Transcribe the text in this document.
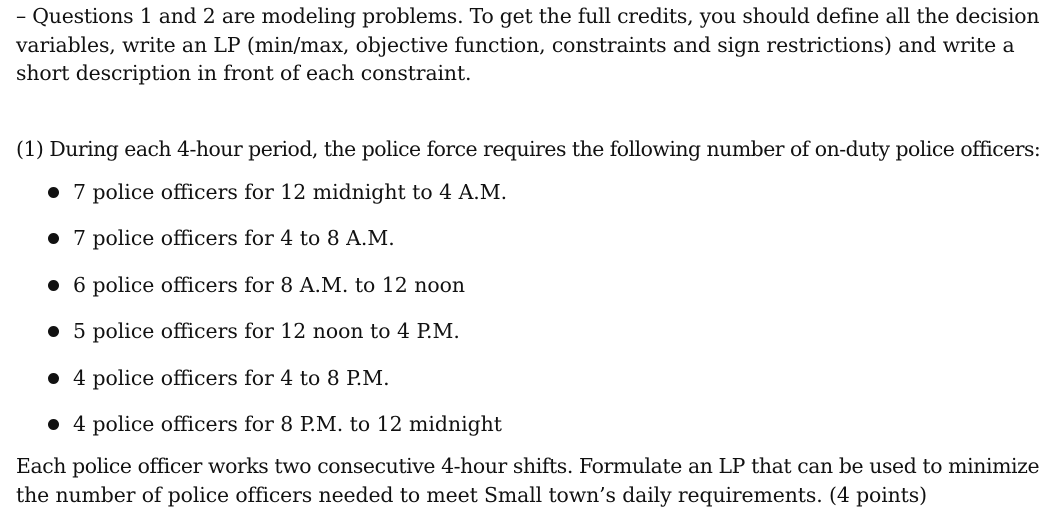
– Questions 1 and 2 are modeling problems. To get the full credits, you should define all the decision
variables, write an LP (min/max, objective function, constraints and sign restrictions) and write a
short description in front of each constraint.
(1) During each 4-hour period, the police force requires the following number of on-duty police officers:
7 police officers for 12 midnight to 4 A.M.
7 police officers for 4 to 8 A.M.
6 police officers for 8 A.M. to 12 noon
5 police officers for 12 noon to 4 P.M.
4 police officers for 4 to 8 P.M.
4 police officers for 8 P.M. to 12 midnight
Each police officer works two consecutive 4-hour shifts. Formulate an LP that can be used to minimize
the number of police officers needed to meet Small town’s daily requirements. (4 points)
